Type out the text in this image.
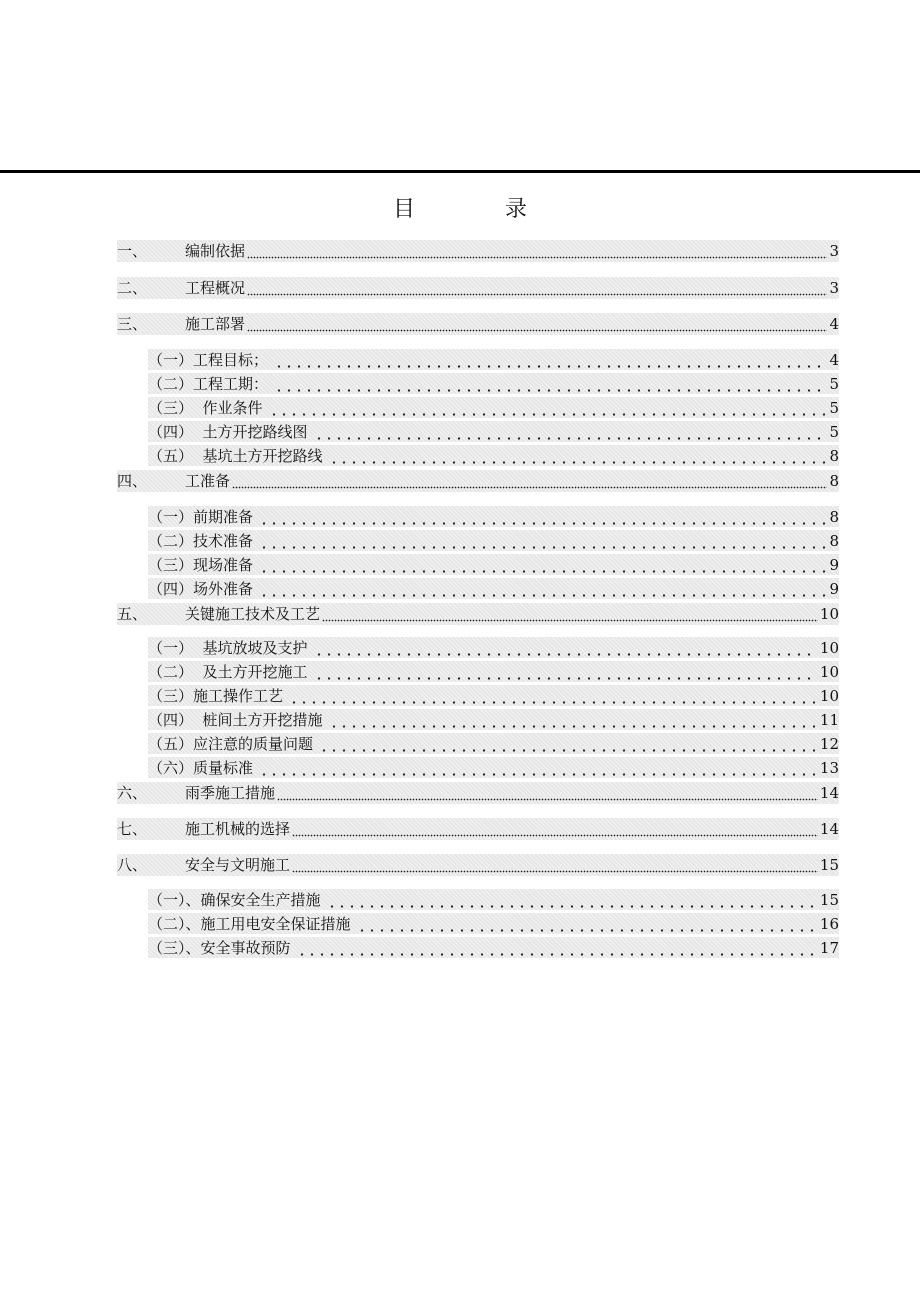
目　录
一、	编制依据	3
二、	工程概况	3
三、	施工部署	4
（一） 工程目标；	4
（二） 工程工期：	5
（三） 作业条件	5
（四） 土方开挖路线图	5
（五） 基坑土方开挖路线	8
四、	工准备	8
（一） 前期准备	8
（二） 技术准备	8
（三） 现场准备	9
（四） 场外准备	9
五、	关键施工技术及工艺	10
（一） 基坑放坡及支护	10
（二） 及土方开挖施工	10
（三） 施工操作工艺	10
（四） 桩间土方开挖措施	11
（五） 应注意的质量问题	12
（六） 质量标准	13
六、	雨季施工措施	14
七、	施工机械的选择	14
八、	安全与文明施工	15
（一）、 确保安全生产措施	15
（二）、 施工用电安全保证措施	16
（三）、 安全事故预防	17
